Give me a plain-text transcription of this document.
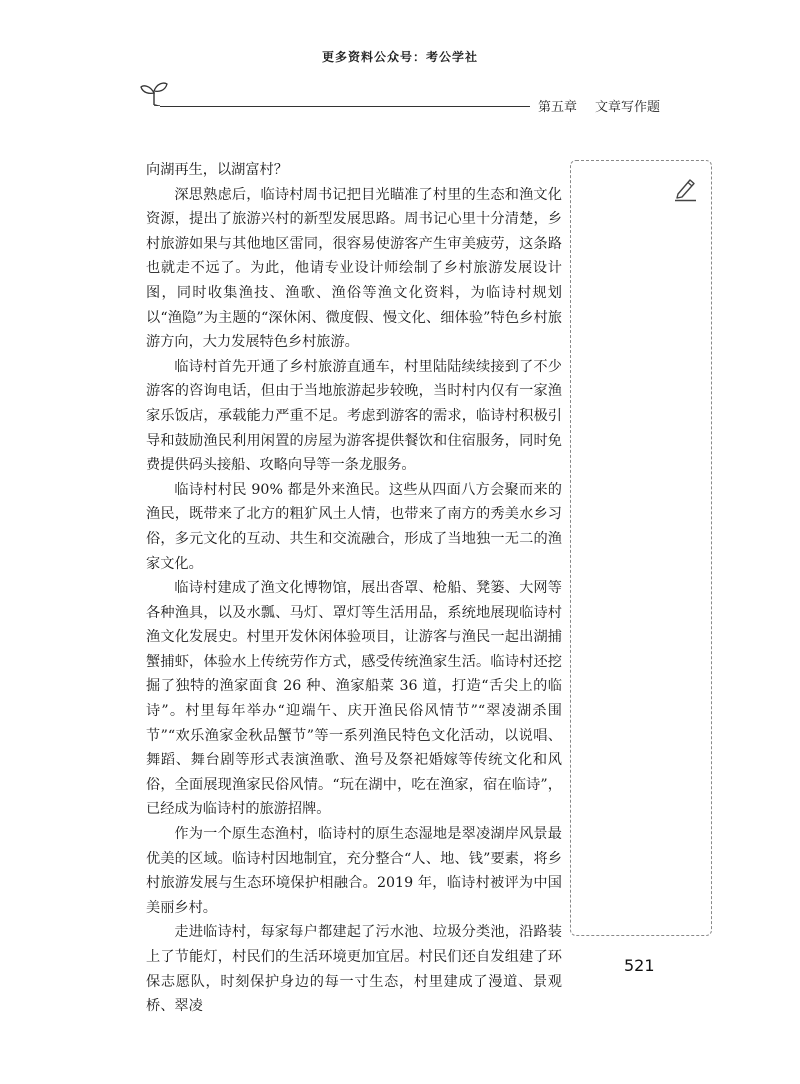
更多资料公众号：考公学社
第五章 文章写作题

向湖再生，以湖富村？

深思熟虑后，临诗村周书记把目光瞄准了村里的生态和渔文化资源，提出了旅游兴村的新型发展思路。周书记心里十分清楚，乡村旅游如果与其他地区雷同，很容易使游客产生审美疲劳，这条路也就走不远了。为此，他请专业设计师绘制了乡村旅游发展设计图，同时收集渔技、渔歌、渔俗等渔文化资料，为临诗村规划以“渔隐”为主题的“深休闲、微度假、慢文化、细体验”特色乡村旅游方向，大力发展特色乡村旅游。

临诗村首先开通了乡村旅游直通车，村里陆陆续续接到了不少游客的咨询电话，但由于当地旅游起步较晚，当时村内仅有一家渔家乐饭店，承载能力严重不足。考虑到游客的需求，临诗村积极引导和鼓励渔民利用闲置的房屋为游客提供餐饮和住宿服务，同时免费提供码头接船、攻略向导等一条龙服务。

临诗村村民 90% 都是外来渔民。这些从四面八方会聚而来的渔民，既带来了北方的粗犷风土人情，也带来了南方的秀美水乡习俗，多元文化的互动、共生和交流融合，形成了当地独一无二的渔家文化。

临诗村建成了渔文化博物馆，展出沓罩、枪船、凳篓、大网等各种渔具，以及水瓢、马灯、罩灯等生活用品，系统地展现临诗村渔文化发展史。村里开发休闲体验项目，让游客与渔民一起出湖捕蟹捕虾，体验水上传统劳作方式，感受传统渔家生活。临诗村还挖掘了独特的渔家面食 26 种、渔家船菜 36 道，打造“舌尖上的临诗”。村里每年举办“迎端午、庆开渔民俗风情节”“翠凌湖杀围节”“欢乐渔家金秋品蟹节”等一系列渔民特色文化活动，以说唱、舞蹈、舞台剧等形式表演渔歌、渔号及祭祀婚嫁等传统文化和风俗，全面展现渔家民俗风情。“玩在湖中，吃在渔家，宿在临诗”，已经成为临诗村的旅游招牌。

作为一个原生态渔村，临诗村的原生态湿地是翠凌湖岸风景最优美的区域。临诗村因地制宜，充分整合“人、地、钱”要素，将乡村旅游发展与生态环境保护相融合。2019 年，临诗村被评为中国美丽乡村。

走进临诗村，每家每户都建起了污水池、垃圾分类池，沿路装上了节能灯，村民们的生活环境更加宜居。村民们还自发组建了环保志愿队，时刻保护身边的每一寸生态，村里建成了漫道、景观桥、翠凌

521
